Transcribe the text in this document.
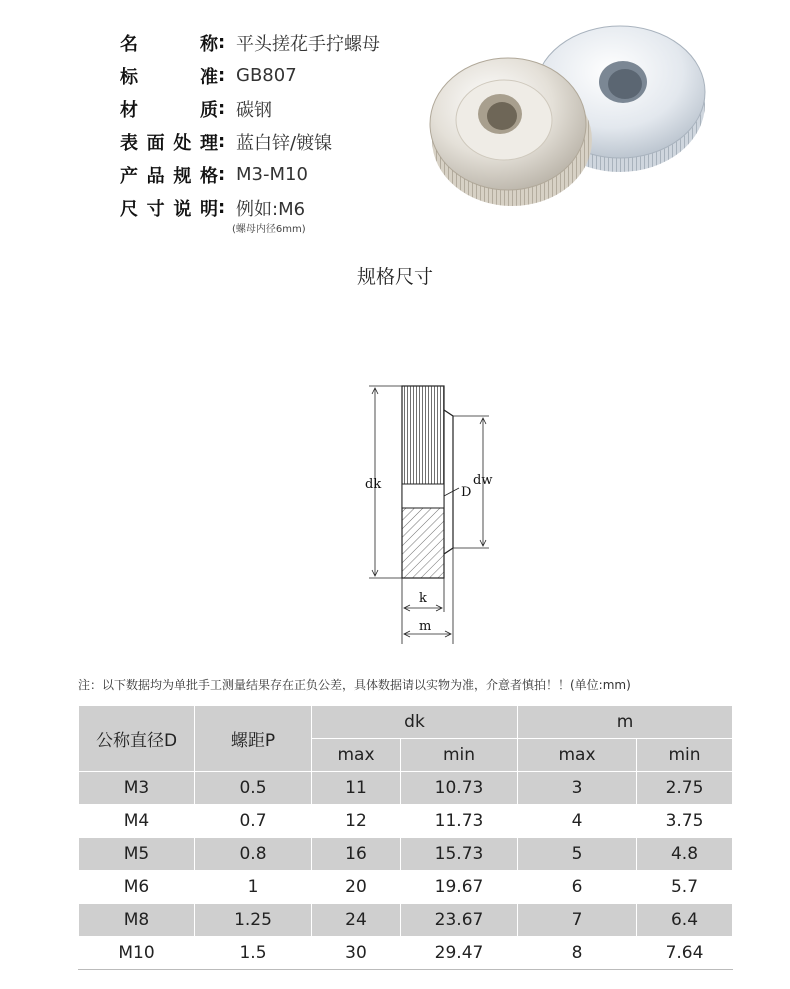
名	称 : 平头搓花手拧螺母
标	准 : GB807
材	质 : 碳钢
表 面 处 理 : 蓝白锌/镀镍
产 品 规 格 : M3-M10
尺 寸 说 明 : 例如:M6
(螺母内径6mm)
规格尺寸
dk	dw
D
k
m
注：以下数据均为单批手工测量结果存在正负公差，具体数据请以实物为准，介意者慎拍！！(单位:mm)
公称直径D	螺距P	dk		m	
		max	min	max	min
M3	0.5	11	10.73	3	2.75
M4	0.7	12	11.73	4	3.75
M5	0.8	16	15.73	5	4.8
M6	1	20	19.67	6	5.7
M8	1.25	24	23.67	7	6.4
M10	1.5	30	29.47	8	7.64
